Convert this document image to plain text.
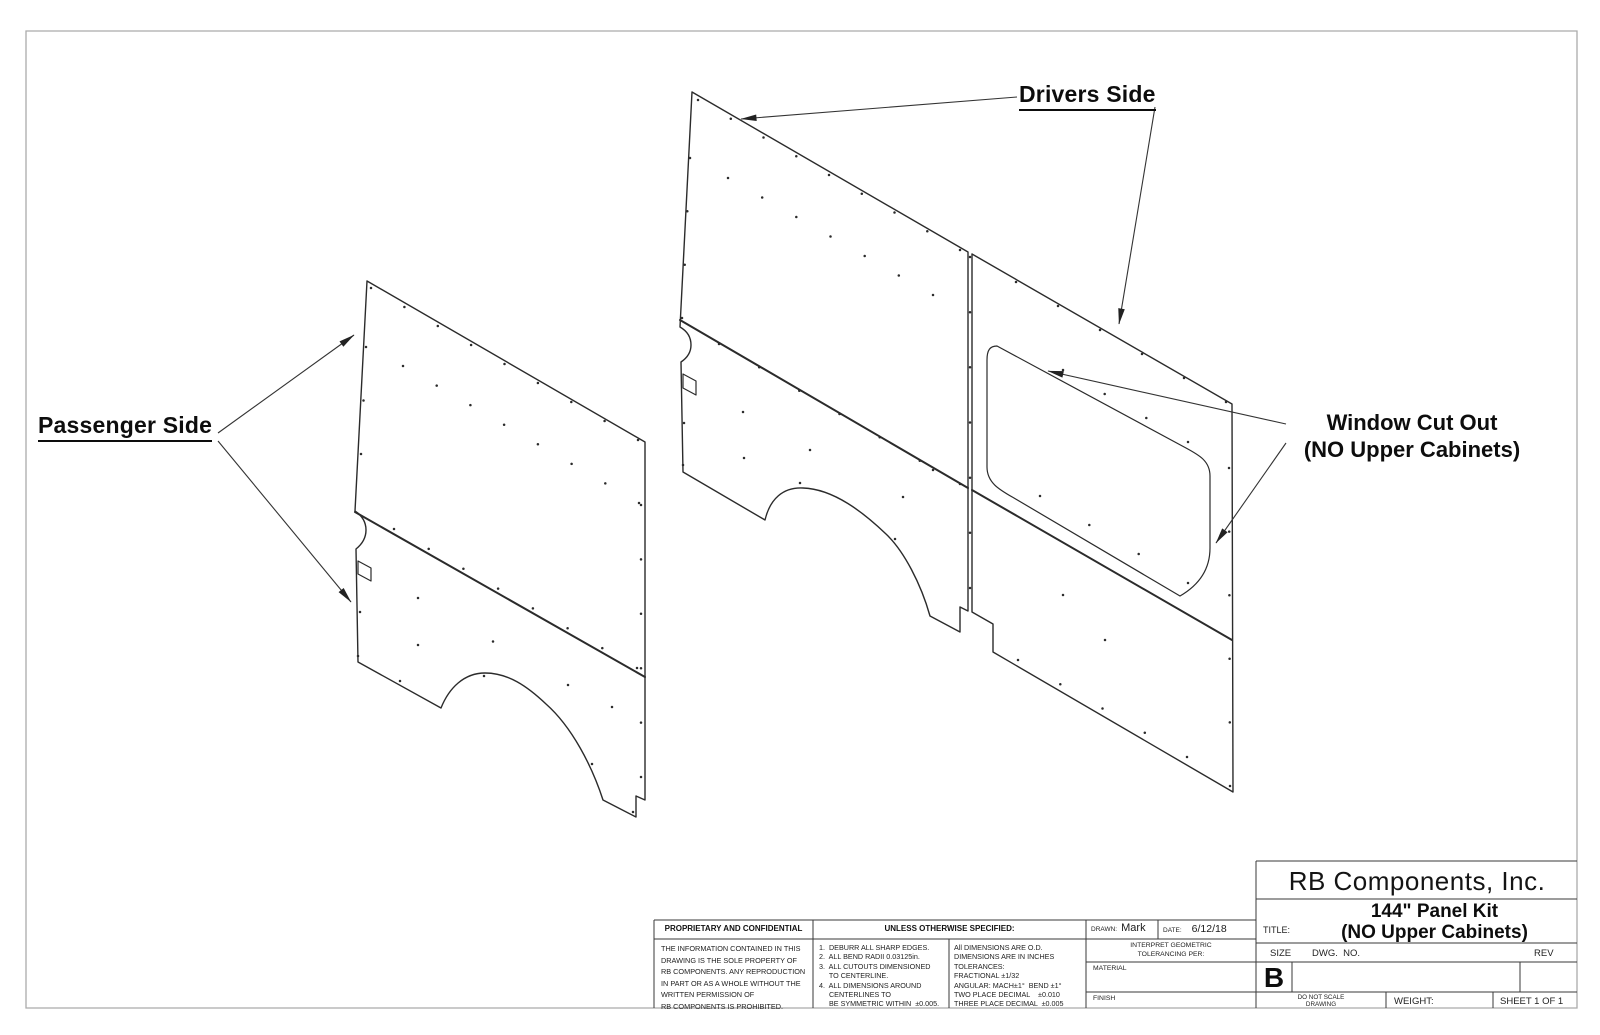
Passenger Side
Drivers Side
Window Cut Out
(NO Upper Cabinets)
PROPRIETARY AND CONFIDENTIAL
THE INFORMATION CONTAINED IN THIS
DRAWING IS THE SOLE PROPERTY OF
RB COMPONENTS. ANY REPRODUCTION
IN PART OR AS A WHOLE WITHOUT THE
WRITTEN PERMISSION OF
RB COMPONENTS IS PROHIBITED.
UNLESS OTHERWISE SPECIFIED:
1.  DEBURR ALL SHARP EDGES.
2.  ALL BEND RADII 0.03125in.
3.  ALL CUTOUTS DIMENSIONED
TO CENTERLINE.
4.  ALL DIMENSIONS AROUND
CENTERLINES TO
BE SYMMETRIC WITHIN  ±0.005.
All DIMENSIONS ARE O.D.
DIMENSIONS ARE IN INCHES
TOLERANCES:
FRACTIONAL ±1/32
ANGULAR: MACH±1°  BEND ±1°
TWO PLACE DECIMAL    ±0.010
THREE PLACE DECIMAL  ±0.005
DRAWN: Mark	DATE: 6/12/18
INTERPRET GEOMETRIC
TOLERANCING PER:
MATERIAL
FINISH
RB Components, Inc.
TITLE:
144" Panel Kit
(NO Upper Cabinets)
SIZE DWG.  NO.	REV
B
DO NOT SCALE
DRAWING	WEIGHT:	SHEET 1 OF 1
